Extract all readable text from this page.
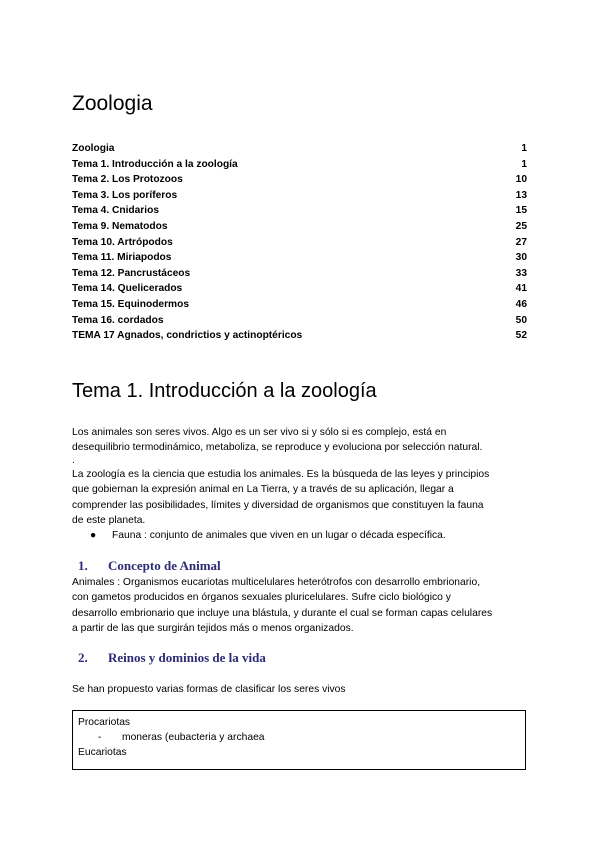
Zoologia
Zoologia	1
Tema 1. Introducción a la zoología	1
Tema 2. Los Protozoos	10
Tema 3. Los poríferos	13
Tema 4. Cnidarios	15
Tema 9. Nematodos	25
Tema 10. Artrópodos	27
Tema 11. Miriapodos	30
Tema 12. Pancrustáceos	33
Tema 14. Quelicerados	41
Tema 15. Equinodermos	46
Tema 16. cordados	50
TEMA 17 Agnados, condrictios y actinoptéricos	52
Tema 1. Introducción a la zoología
Los animales son seres vivos. Algo es un ser vivo si y sólo si es complejo, está en
desequilibrio termodinámico, metaboliza, se reproduce y evoluciona por selección natural.
.
La zoología es la ciencia que estudia los animales. Es la búsqueda de las leyes y principios
que gobiernan la expresión animal en La Tierra, y a través de su aplicación, llegar a
comprender las posibilidades, límites y diversidad de organismos que constituyen la fauna
de este planeta.
● Fauna : conjunto de animales que viven en un lugar o década específica.
1. Concepto de Animal
Animales : Organismos eucariotas multicelulares heterótrofos con desarrollo embrionario,
con gametos producidos en órganos sexuales pluricelulares. Sufre ciclo biológico y
desarrollo embrionario que incluye una blástula, y durante el cual se forman capas celulares
a partir de las que surgirán tejidos más o menos organizados.
2. Reinos y dominios de la vida
Se han propuesto varias formas de clasificar los seres vivos
Procariotas
- moneras (eubacteria y archaea
Eucariotas
